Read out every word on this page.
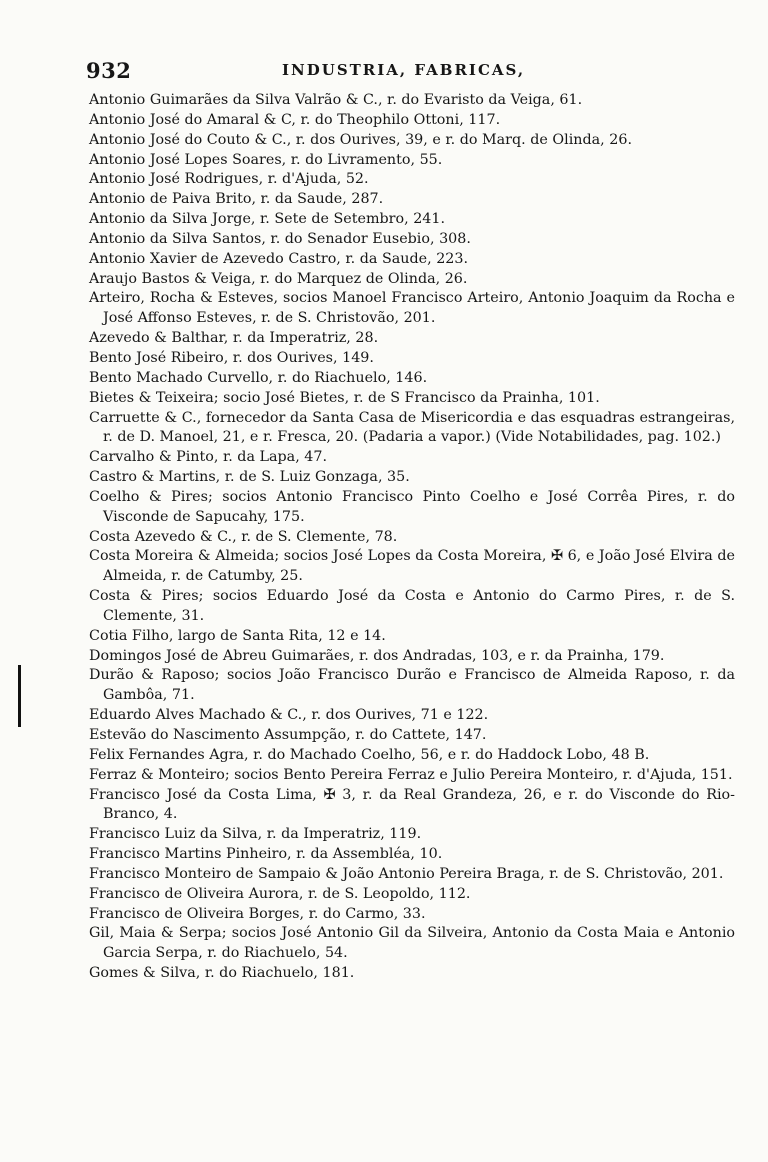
932	INDUSTRIA, FABRICAS,

Antonio Guimarães da Silva Valrão & C., r. do Evaristo da Veiga, 61.

Antonio José do Amaral & C, r. do Theophilo Ottoni, 117.

Antonio José do Couto & C., r. dos Ourives, 39, e r. do Marq. de Olinda, 26.

Antonio José Lopes Soares, r. do Livramento, 55.

Antonio José Rodrigues, r. d'Ajuda, 52.

Antonio de Paiva Brito, r. da Saude, 287.

Antonio da Silva Jorge, r. Sete de Setembro, 241.

Antonio da Silva Santos, r. do Senador Eusebio, 308.

Antonio Xavier de Azevedo Castro, r. da Saude, 223.

Araujo Bastos & Veiga, r. do Marquez de Olinda, 26.

Arteiro, Rocha & Esteves, socios Manoel Francisco Arteiro, Antonio Joaquim da Rocha e José Affonso Esteves, r. de S. Christovão, 201.

Azevedo & Balthar, r. da Imperatriz, 28.

Bento José Ribeiro, r. dos Ourives, 149.

Bento Machado Curvello, r. do Riachuelo, 146.

Bietes & Teixeira; socio José Bietes, r. de S Francisco da Prainha, 101.

Carruette & C., fornecedor da Santa Casa de Misericordia e das esquadras estrangeiras, r. de D. Manoel, 21, e r. Fresca, 20. (Padaria a vapor.) (Vide Notabilidades, pag. 102.)

Carvalho & Pinto, r. da Lapa, 47.

Castro & Martins, r. de S. Luiz Gonzaga, 35.

Coelho & Pires; socios Antonio Francisco Pinto Coelho e José Corrêa Pires, r. do Visconde de Sapucahy, 175.

Costa Azevedo & C., r. de S. Clemente, 78.

Costa Moreira & Almeida; socios José Lopes da Costa Moreira, ✠ 6, e João José Elvira de Almeida, r. de Catumby, 25.

Costa & Pires; socios Eduardo José da Costa e Antonio do Carmo Pires, r. de S. Clemente, 31.

Cotia Filho, largo de Santa Rita, 12 e 14.

Domingos José de Abreu Guimarães, r. dos Andradas, 103, e r. da Prainha, 179.

Durão & Raposo; socios João Francisco Durão e Francisco de Almeida Raposo, r. da Gambôa, 71.

Eduardo Alves Machado & C., r. dos Ourives, 71 e 122.

Estevão do Nascimento Assumpção, r. do Cattete, 147.

Felix Fernandes Agra, r. do Machado Coelho, 56, e r. do Haddock Lobo, 48 B.

Ferraz & Monteiro; socios Bento Pereira Ferraz e Julio Pereira Monteiro, r. d'Ajuda, 151.

Francisco José da Costa Lima, ✠ 3, r. da Real Grandeza, 26, e r. do Visconde do Rio-Branco, 4.

Francisco Luiz da Silva, r. da Imperatriz, 119.

Francisco Martins Pinheiro, r. da Assembléa, 10.

Francisco Monteiro de Sampaio & João Antonio Pereira Braga, r. de S. Christovão, 201.

Francisco de Oliveira Aurora, r. de S. Leopoldo, 112.

Francisco de Oliveira Borges, r. do Carmo, 33.

Gil, Maia & Serpa; socios José Antonio Gil da Silveira, Antonio da Costa Maia e Antonio Garcia Serpa, r. do Riachuelo, 54.

Gomes & Silva, r. do Riachuelo, 181.
